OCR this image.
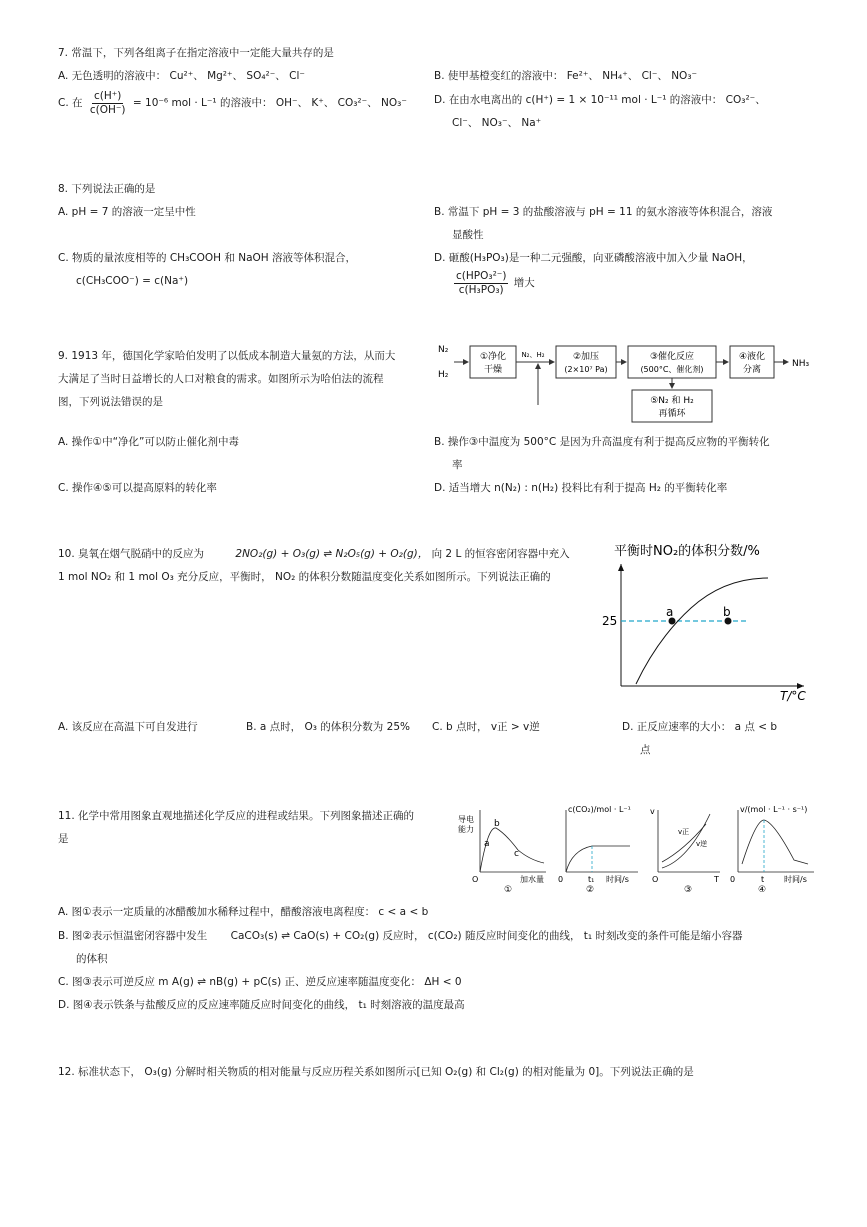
7. 常温下，下列各组离子在指定溶液中一定能大量共存的是
A. 无色透明的溶液中： Cu²⁺、 Mg²⁺、 SO₄²⁻、 Cl⁻	B. 使甲基橙变红的溶液中： Fe²⁺、 NH₄⁺、 Cl⁻、 NO₃⁻
C. 在 $\frac{c(H^+)}{c(OH^-)} = 10^{-6}$ mol · L⁻¹ 的溶液中： OH⁻、 K⁺、 CO₃²⁻、 NO₃⁻	D. 在由水电离出的 c(H⁺) = 1 × 10⁻¹¹ mol · L⁻¹ 的溶液中： CO₃²⁻、
Cl⁻、 NO₃⁻、 Na⁺
8. 下列说法正确的是
A. pH = 7 的溶液一定呈中性	B. 常温下 pH = 3 的盐酸溶液与 pH = 11 的氨水溶液等体积混合，溶液
显酸性
C. 物质的量浓度相等的 CH₃COOH 和 NaOH 溶液等体积混合，
c(CH₃COO⁻) = c(Na⁺)
D. 砸酸(H₃PO₃)是一种二元强酸，向亚磷酸溶液中加入少量 NaOH，
$\frac{\text{c(HPO₃²⁻)}}{\text{c(H₃PO₃)}}$ 增大
9. 1913 年，德国化学家哈伯发明了以低成本制造大量氨的方法，从而大
大满足了当时日益增长的人口对粮食的需求。如图所示为哈伯法的流程
图，下列说法错误的是
N₂
H₂
①净化
干燥
N₂、H₂	②加压
(2×10⁷ Pa)
③催化反应
(500°C、催化剂)
④液化
分离
NH₃
⑤N₂ 和 H₂
再循环
A. 操作①中“净化”可以防止催化剂中毒	B. 操作③中温度为 500°C 是因为升高温度有利于提高反应物的平衡转化
率
C. 操作④⑤可以提高原料的转化率	D. 适当增大 n(N₂) : n(H₂) 投料比有利于提高 H₂ 的平衡转化率
10. 臭氧在烟气脱硝中的反应为	2NO₂(g) + O₃(g) ⇌ N₂O₅(g) + O₂(g)， 向 2 L 的恒容密闭容器中充入
1 mol NO₂ 和 1 mol O₃ 充分反应，平衡时， NO₂ 的体积分数随温度变化关系如图所示。下列说法正确的
平衡时NO₂的体积分数/%
T/°C
25
a	b
A. 该反应在高温下可自发进行	B. a 点时， O₃ 的体积分数为 25% C. b 点时， v正 > v逆	D. 正反应速率的大小： a 点 < b
点
11. 化学中常用图象直观地描述化学反应的进程或结果。下列图象描述正确的
是
导电
能力
b
a
c
O	加水量
①
c(CO₂)/mol · L⁻¹
0	t₁ 时间/s
②
v
v正
v逆
O	T
③
v/(mol · L⁻¹ · s⁻¹)
0	t 时间/s
④
A. 图①表示一定质量的冰醋酸加水稀释过程中，醋酸溶液电离程度： c < a < b
B. 图②表示恒温密闭容器中发生 CaCO₃(s) ⇌ CaO(s) + CO₂(g) 反应时， c(CO₂) 随反应时间变化的曲线， t₁ 时刻改变的条件可能是缩小容器
的体积
C. 图③表示可逆反应 m A(g) ⇌ nB(g) + pC(s) 正、逆反应速率随温度变化： ΔH < 0
D. 图④表示铁条与盐酸反应的反应速率随反应时间变化的曲线， t₁ 时刻溶液的温度最高
12. 标准状态下， O₃(g) 分解时相关物质的相对能量与反应历程关系如图所示[已知 O₂(g) 和 Cl₂(g) 的相对能量为 0]。下列说法正确的是
